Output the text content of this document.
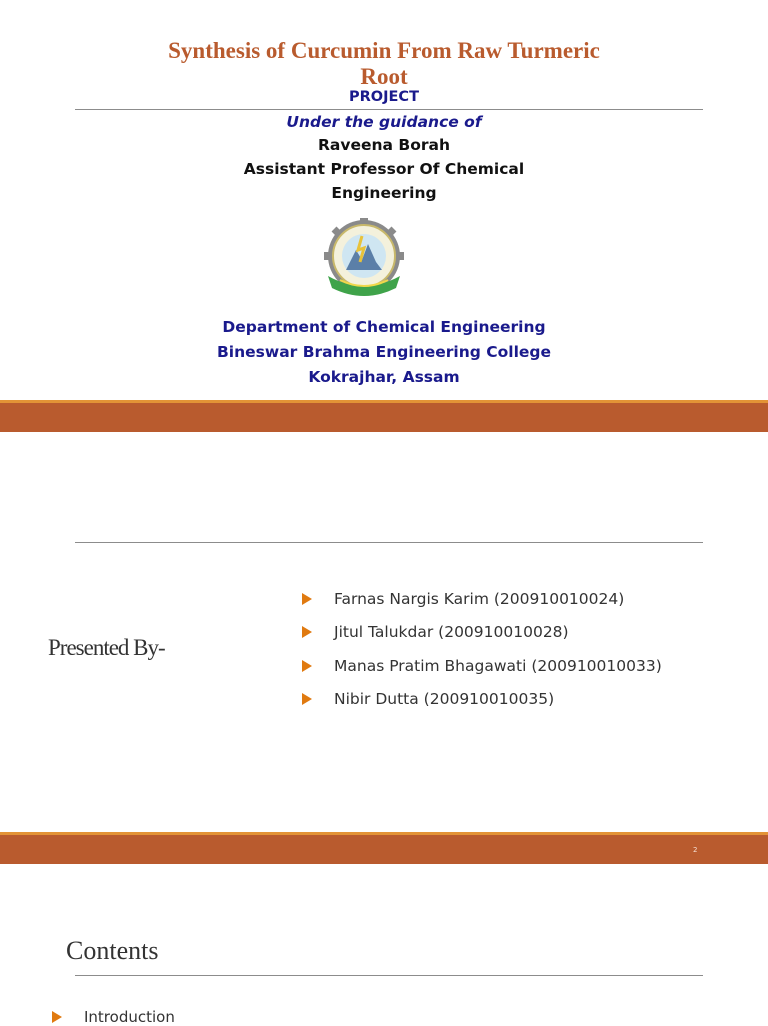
Synthesis of Curcumin From Raw Turmeric
Root
PROJECT
Under the guidance of
Raveena Borah
Assistant Professor Of Chemical
Engineering
Department of Chemical Engineering
Bineswar Brahma Engineering College
Kokrajhar, Assam
Presented By-
Farnas Nargis Karim (200910010024)
Jitul Talukdar (200910010028)
Manas Pratim Bhagawati (200910010033)
Nibir Dutta (200910010035)
2
Contents
Introduction
